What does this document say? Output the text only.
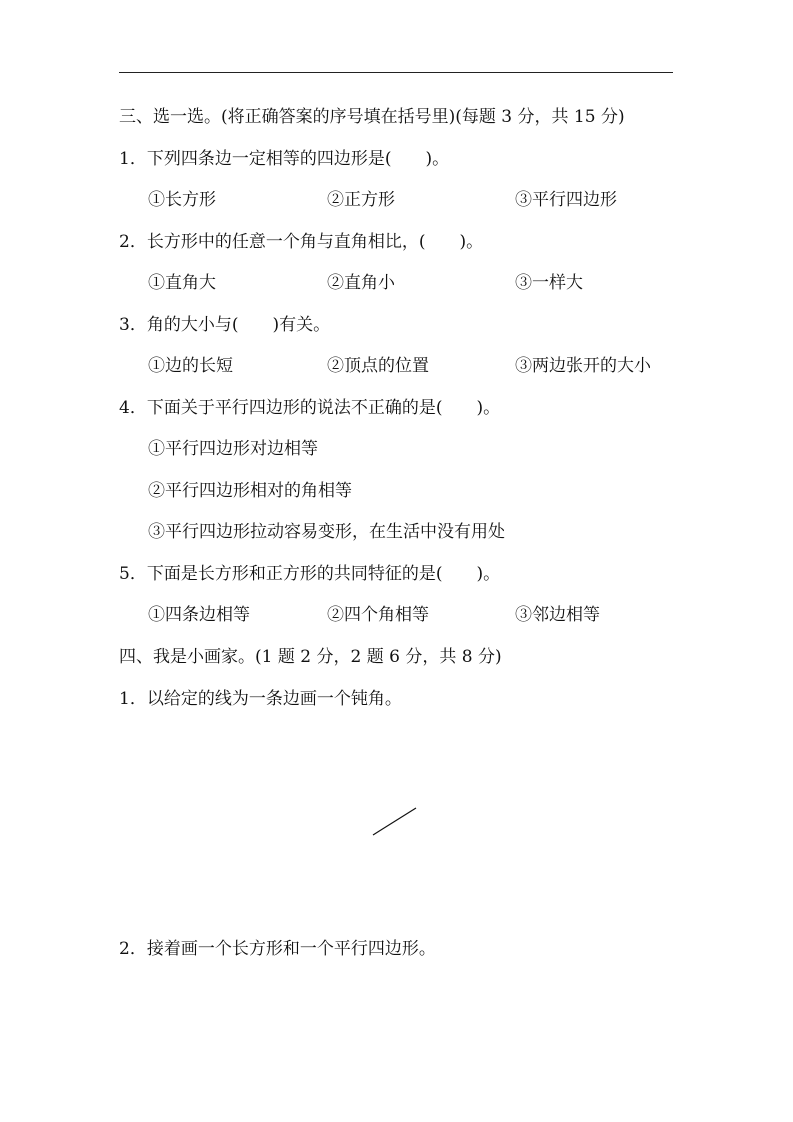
三、选一选。(将正确答案的序号填在括号里)(每题 3 分，共 15 分)
1．下列四条边一定相等的四边形是(　　)。
①长方形	②正方形	③平行四边形
2．长方形中的任意一个角与直角相比，(　　)。
①直角大	②直角小	③一样大
3．角的大小与(　　)有关。
①边的长短	②顶点的位置	③两边张开的大小
4．下面关于平行四边形的说法不正确的是(　　)。
①平行四边形对边相等
②平行四边形相对的角相等
③平行四边形拉动容易变形，在生活中没有用处
5．下面是长方形和正方形的共同特征的是(　　)。
①四条边相等	②四个角相等	③邻边相等
四、我是小画家。(1 题 2 分，2 题 6 分，共 8 分)
1．以给定的线为一条边画一个钝角。
2．接着画一个长方形和一个平行四边形。
